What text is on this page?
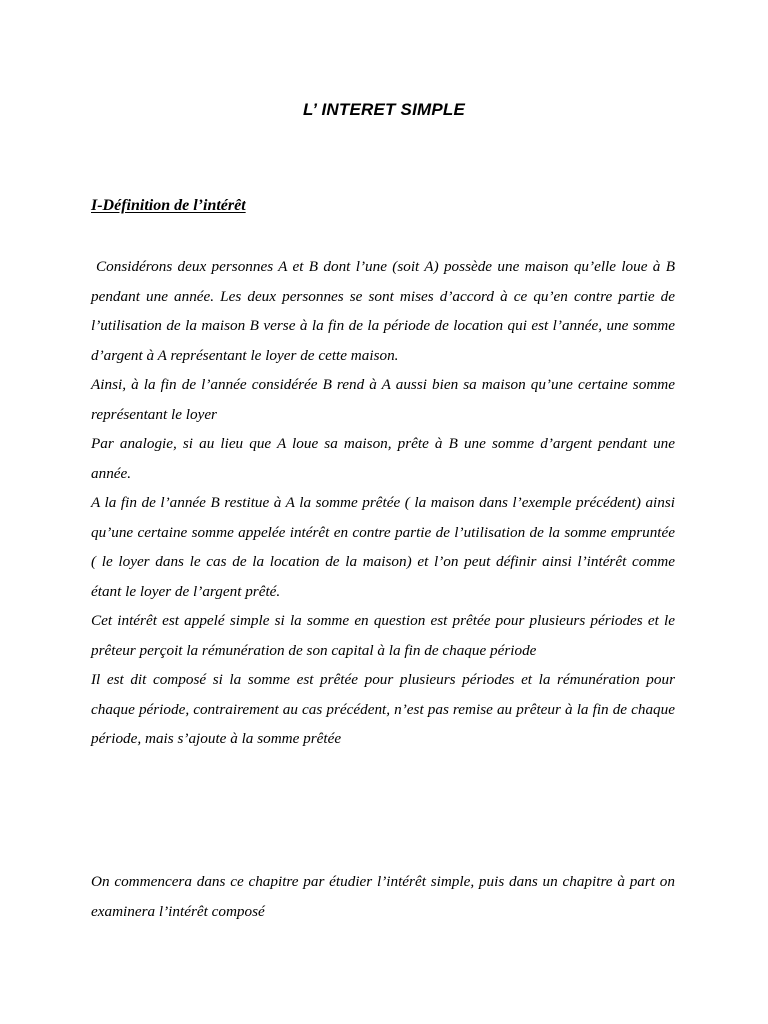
L’ INTERET SIMPLE
I-Définition de l’intérêt

Considérons deux personnes A et B dont l’une (soit A) possède une maison qu’elle loue à B pendant une année. Les deux personnes se sont mises d’accord à ce qu’en contre partie de l’utilisation de la maison B verse à la fin de la période de location qui est l’année, une somme d’argent à A représentant le loyer de cette maison.

Ainsi, à la fin de l’année considérée B rend à A aussi bien sa maison qu’une certaine somme représentant le loyer

Par analogie, si au lieu que A loue sa maison, prête à B une somme d’argent pendant une année.

A la fin de l’année B restitue à A la somme prêtée ( la maison dans l’exemple précédent) ainsi qu’une certaine somme appelée intérêt en contre partie de l’utilisation de la somme empruntée ( le loyer dans le cas de la location de la maison) et l’on peut définir ainsi l’intérêt comme étant le loyer de l’argent prêté.

Cet intérêt est appelé simple si la somme en question est prêtée pour plusieurs périodes et le prêteur perçoit la rémunération de son capital à la fin de chaque période

Il est dit composé si la somme est prêtée pour plusieurs périodes et la rémunération pour chaque période, contrairement au cas précédent, n’est pas remise au prêteur à la fin de chaque période, mais s’ajoute à la somme prêtée

On commencera dans ce chapitre par étudier l’intérêt simple, puis dans un chapitre à part on examinera l’intérêt composé
